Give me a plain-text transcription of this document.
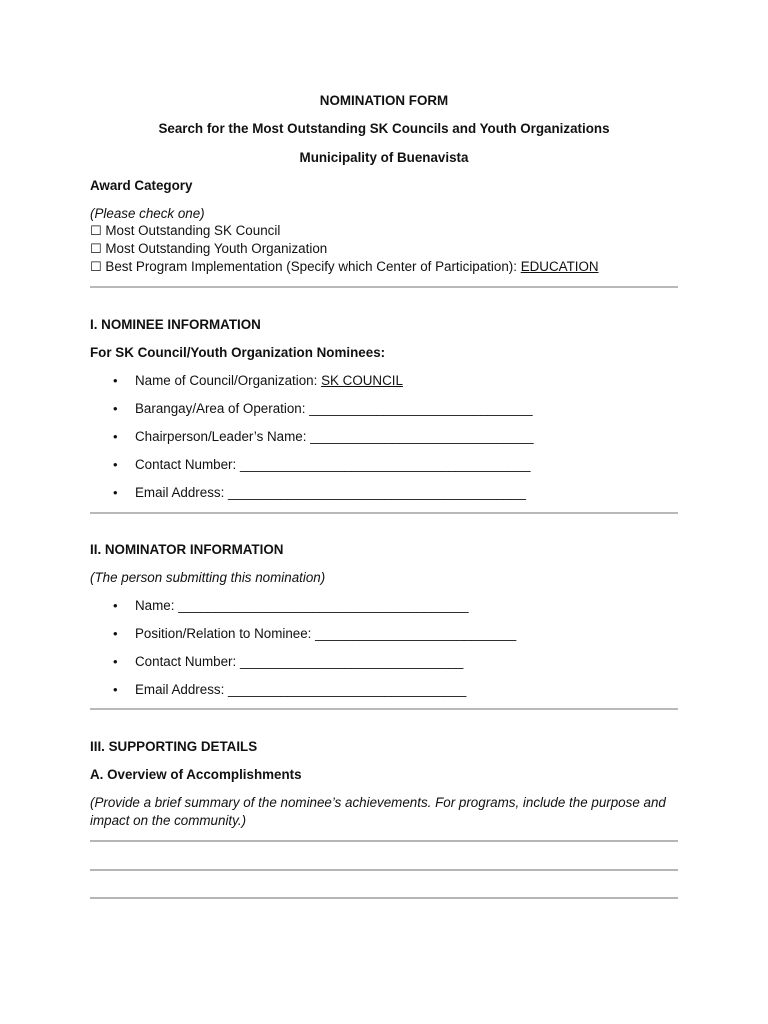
NOMINATION FORM
Search for the Most Outstanding SK Councils and Youth Organizations
Municipality of Buenavista
Award Category
(Please check one)
☐ Most Outstanding SK Council
☐ Most Outstanding Youth Organization
☐ Best Program Implementation (Specify which Center of Participation): EDUCATION
I. NOMINEE INFORMATION
For SK Council/Youth Organization Nominees:
• Name of Council/Organization: SK COUNCIL
• Barangay/Area of Operation: ______________________________
• Chairperson/Leader’s Name: ______________________________
• Contact Number: _______________________________________
• Email Address: ________________________________________
II. NOMINATOR INFORMATION
(The person submitting this nomination)
• Name: _______________________________________
• Position/Relation to Nominee: ___________________________
• Contact Number: ______________________________
• Email Address: ________________________________
III. SUPPORTING DETAILS
A. Overview of Accomplishments
(Provide a brief summary of the nominee’s achievements. For programs, include the purpose and impact on the community.)
